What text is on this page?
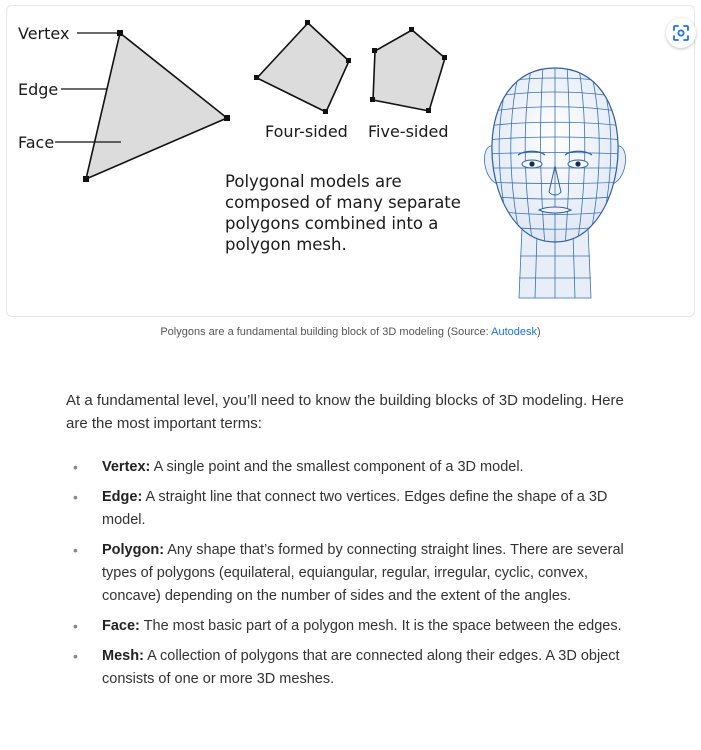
Vertex
Edge
Face
Four-sided Five-sided
Polygonal models are
composed of many separate
polygons combined into a
polygon mesh.
Polygons are a fundamental building block of 3D modeling (Source: Autodesk)

At a fundamental level, you’ll need to know the building blocks of 3D modeling. Here are the most important terms:

• Vertex: A single point and the smallest component of a 3D model.
• Edge: A straight line that connect two vertices. Edges define the shape of a 3D model.
• Polygon: Any shape that’s formed by connecting straight lines. There are several types of polygons (equilateral, equiangular, regular, irregular, cyclic, convex, concave) depending on the number of sides and the extent of the angles.
• Face: The most basic part of a polygon mesh. It is the space between the edges.
• Mesh: A collection of polygons that are connected along their edges. A 3D object consists of one or more 3D meshes.
